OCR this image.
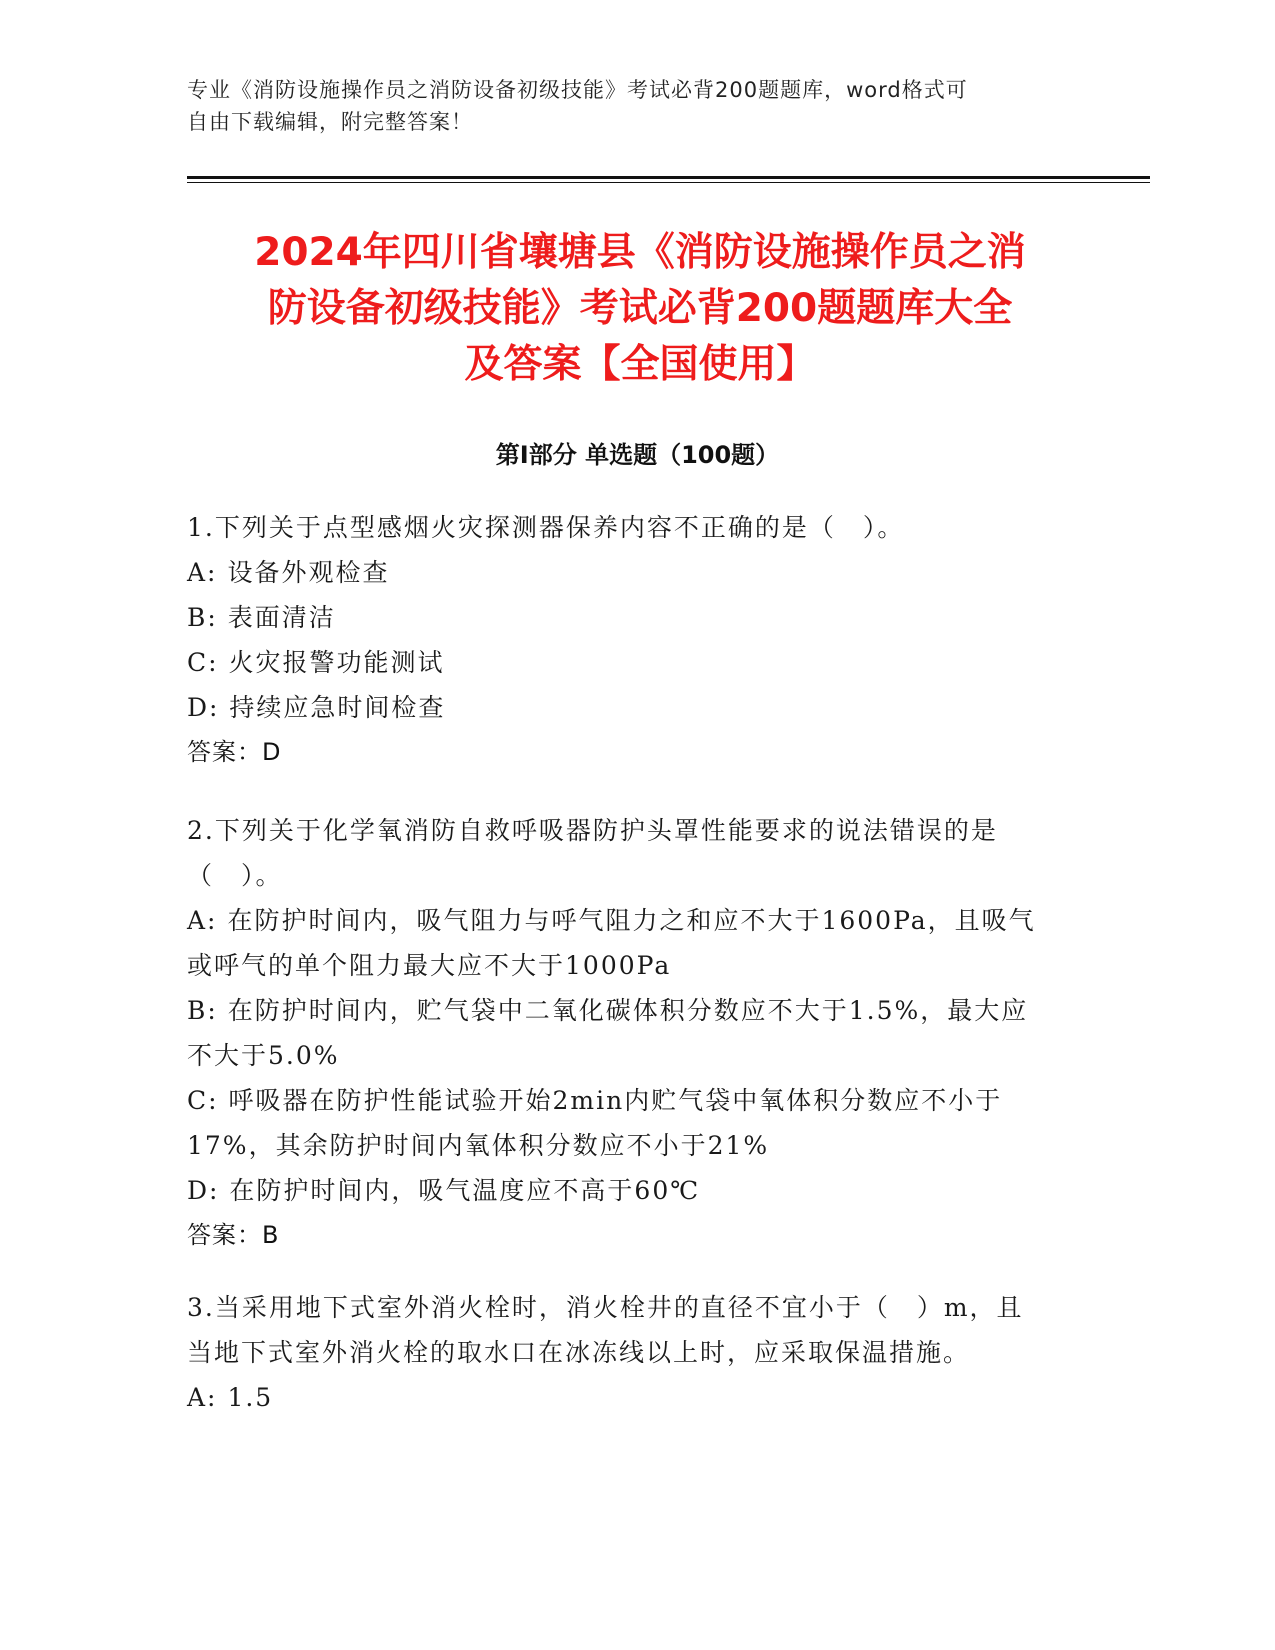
专业《消防设施操作员之消防设备初级技能》考试必背200题题库，word格式可
自由下载编辑，附完整答案！
2024年四川省壤塘县《消防设施操作员之消
防设备初级技能》考试必背200题题库大全
及答案【全国使用】
第Ⅰ部分 单选题（100题）

1.下列关于点型感烟火灾探测器保养内容不正确的是（　）。

A:
设备外观检查
B:
表面清洁
C:
火灾报警功能测试
D:
持续应急时间检查

答案：D

2.下列关于化学氧消防自救呼吸器防护头罩性能要求的说法错误的是

（　）。

A:
在防护时间内，吸气阻力与呼气阻力之和应不大于1600Pa，且吸气

或呼气的单个阻力最大应不大于1000Pa

B:
在防护时间内，贮气袋中二氧化碳体积分数应不大于1.5%，最大应

不大于5.0%

C:
呼吸器在防护性能试验开始2min内贮气袋中氧体积分数应不小于

17%，其余防护时间内氧体积分数应不小于21%

D:
在防护时间内，吸气温度应不高于60℃

答案：B

3.当采用地下式室外消火栓时，消火栓井的直径不宜小于（　）m，且

当地下式室外消火栓的取水口在冰冻线以上时，应采取保温措施。

A:
1.5
